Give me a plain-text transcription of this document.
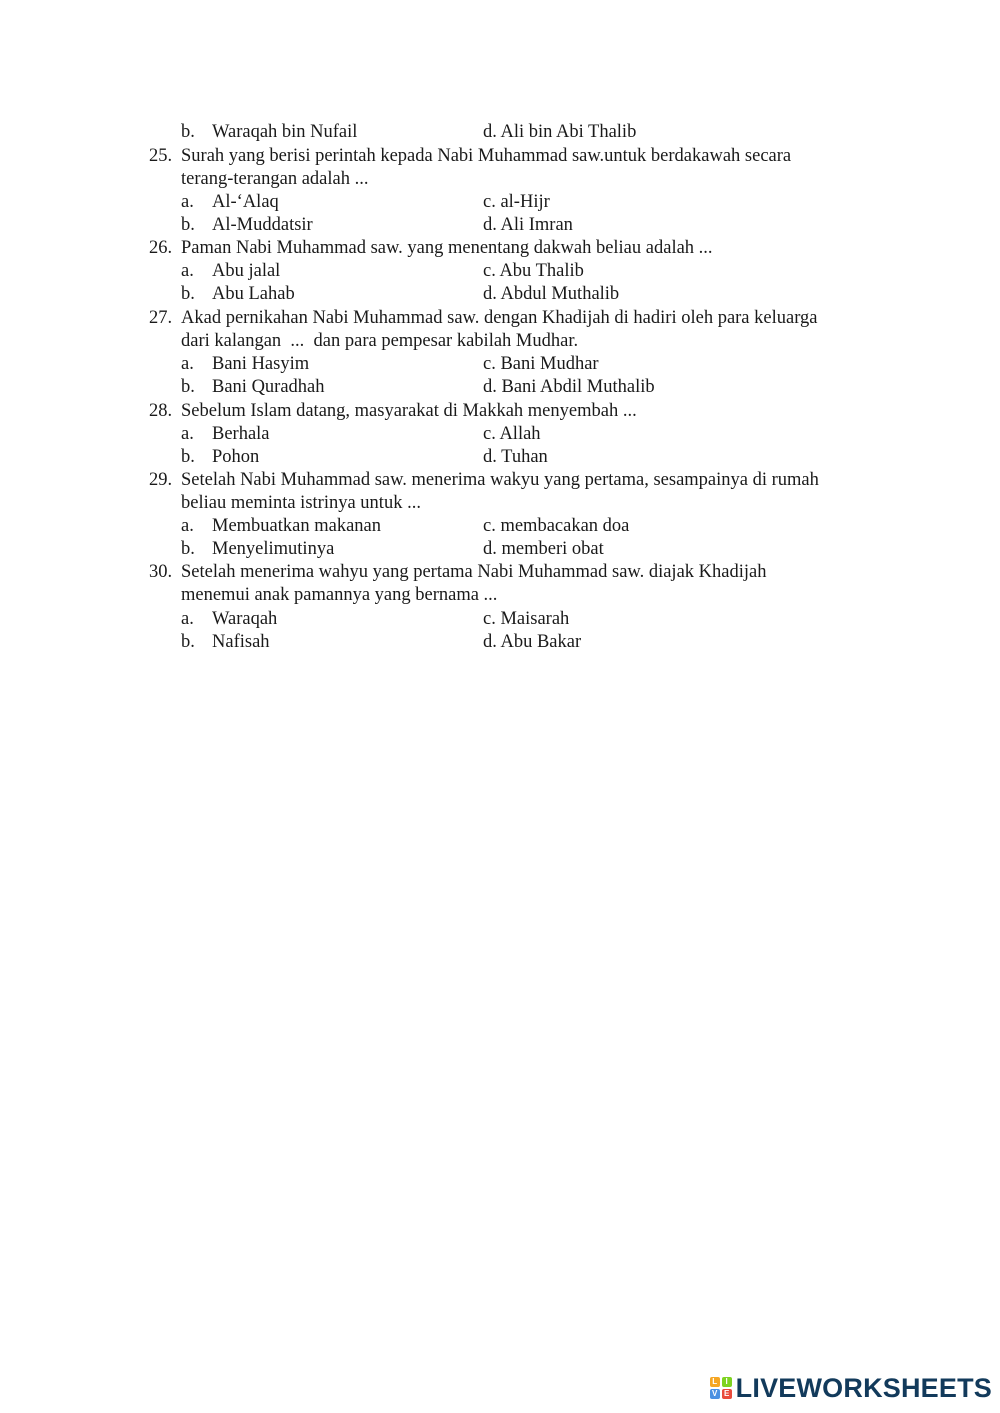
b. Waraqah bin Nufail	d. Ali bin Abi Thalib
25. Surah yang berisi perintah kepada Nabi Muhammad saw.untuk berdakawah secara
terang-terangan adalah ...
a. Al-‘Alaq	c. al-Hijr
b. Al-Muddatsir	d. Ali Imran
26. Paman Nabi Muhammad saw. yang menentang dakwah beliau adalah ...
a. Abu jalal	c. Abu Thalib
b. Abu Lahab	d. Abdul Muthalib
27. Akad pernikahan Nabi Muhammad saw. dengan Khadijah di hadiri oleh para keluarga
dari kalangan  ...  dan para pempesar kabilah Mudhar.
a. Bani Hasyim	c. Bani Mudhar
b. Bani Quradhah	d. Bani Abdil Muthalib
28. Sebelum Islam datang, masyarakat di Makkah menyembah ...
a. Berhala	c. Allah
b. Pohon	d. Tuhan
29. Setelah Nabi Muhammad saw. menerima wakyu yang pertama, sesampainya di rumah
beliau meminta istrinya untuk ...
a. Membuatkan makanan	c. membacakan doa
b. Menyelimutinya	d. memberi obat
30. Setelah menerima wahyu yang pertama Nabi Muhammad saw. diajak Khadijah
menemui anak pamannya yang bernama ...
a. Waraqah	c. Maisarah
b. Nafisah	d. Abu Bakar
L	I
V E LIVEWORKSHEETS
